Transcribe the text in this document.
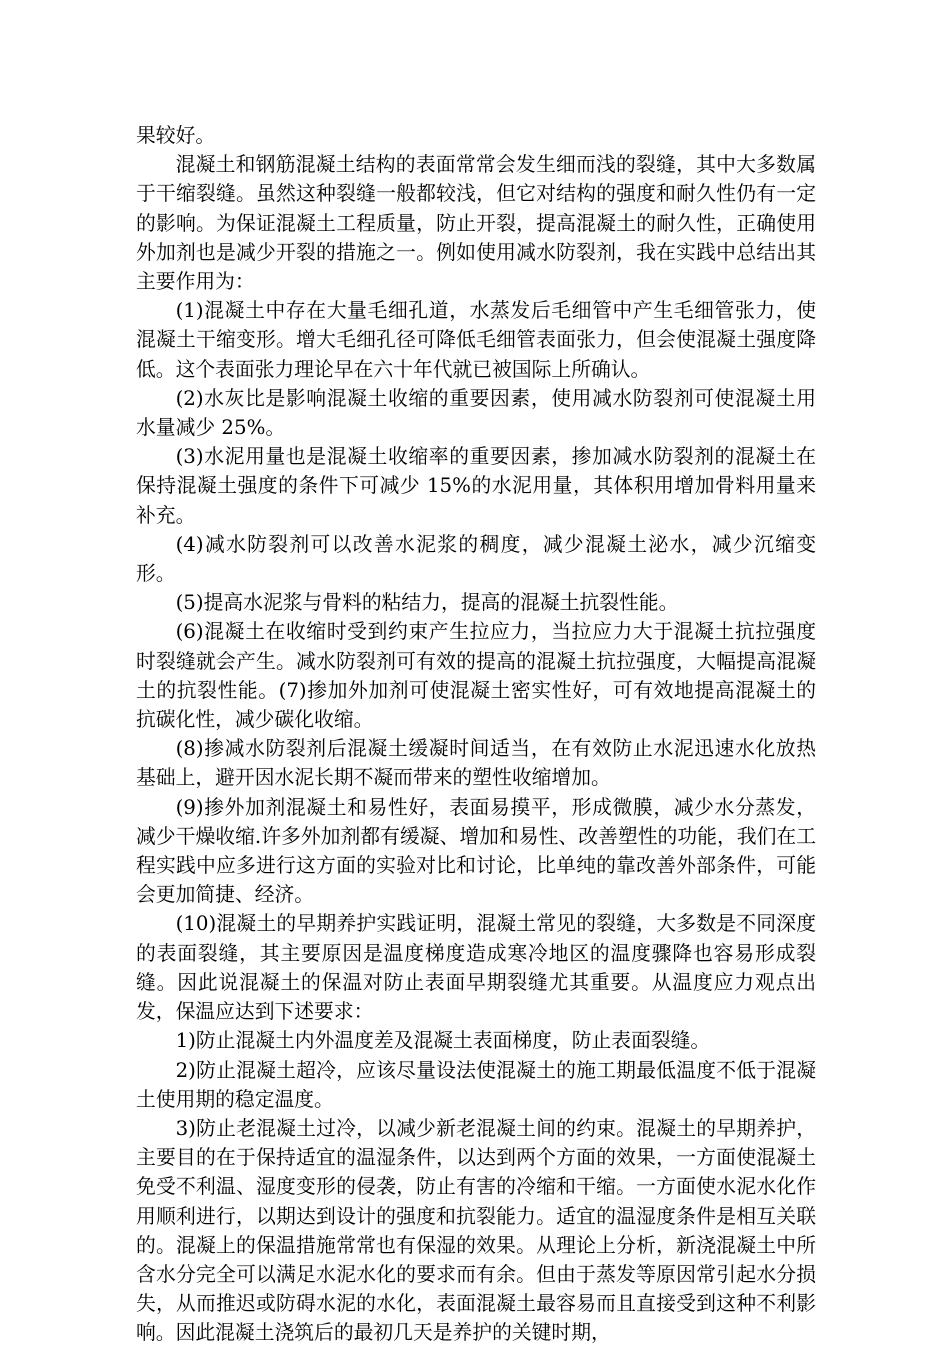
果较好。

混凝土和钢筋混凝土结构的表面常常会发生细而浅的裂缝，其中大多数属于干缩裂缝。虽然这种裂缝一般都较浅，但它对结构的强度和耐久性仍有一定的影响。为保证混凝土工程质量，防止开裂，提高混凝土的耐久性，正确使用外加剂也是减少开裂的措施之一。例如使用减水防裂剂，我在实践中总结出其主要作用为：

(1)混凝土中存在大量毛细孔道，水蒸发后毛细管中产生毛细管张力，使混凝土干缩变形。增大毛细孔径可降低毛细管表面张力，但会使混凝土强度降低。这个表面张力理论早在六十年代就已被国际上所确认。

(2)水灰比是影响混凝土收缩的重要因素，使用减水防裂剂可使混凝土用水量减少 25%。

(3)水泥用量也是混凝土收缩率的重要因素，掺加减水防裂剂的混凝土在保持混凝土强度的条件下可减少 15%的水泥用量，其体积用增加骨料用量来补充。

(4)减水防裂剂可以改善水泥浆的稠度，减少混凝土泌水，减少沉缩变形。

(5)提高水泥浆与骨料的粘结力，提高的混凝土抗裂性能。

(6)混凝土在收缩时受到约束产生拉应力，当拉应力大于混凝土抗拉强度时裂缝就会产生。减水防裂剂可有效的提高的混凝土抗拉强度，大幅提高混凝土的抗裂性能。(7)掺加外加剂可使混凝土密实性好，可有效地提高混凝土的抗碳化性，减少碳化收缩。

(8)掺减水防裂剂后混凝土缓凝时间适当，在有效防止水泥迅速水化放热基础上，避开因水泥长期不凝而带来的塑性收缩增加。

(9)掺外加剂混凝土和易性好，表面易摸平，形成微膜，减少水分蒸发，减少干燥收缩.许多外加剂都有缓凝、增加和易性、改善塑性的功能，我们在工程实践中应多进行这方面的实验对比和讨论，比单纯的靠改善外部条件，可能会更加简捷、经济。

(10)混凝土的早期养护实践证明，混凝土常见的裂缝，大多数是不同深度的表面裂缝，其主要原因是温度梯度造成寒冷地区的温度骤降也容易形成裂缝。因此说混凝土的保温对防止表面早期裂缝尤其重要。从温度应力观点出发，保温应达到下述要求：

1)防止混凝土内外温度差及混凝土表面梯度，防止表面裂缝。

2)防止混凝土超冷，应该尽量设法使混凝土的施工期最低温度不低于混凝土使用期的稳定温度。

3)防止老混凝土过冷，以减少新老混凝土间的约束。混凝土的早期养护，主要目的在于保持适宜的温湿条件，以达到两个方面的效果，一方面使混凝土免受不利温、湿度变形的侵袭，防止有害的冷缩和干缩。一方面使水泥水化作用顺利进行，以期达到设计的强度和抗裂能力。适宜的温湿度条件是相互关联的。混凝上的保温措施常常也有保湿的效果。从理论上分析，新浇混凝土中所含水分完全可以满足水泥水化的要求而有余。但由于蒸发等原因常引起水分损失，从而推迟或防碍水泥的水化，表面混凝土最容易而且直接受到这种不利影响。因此混凝土浇筑后的最初几天是养护的关键时期，
